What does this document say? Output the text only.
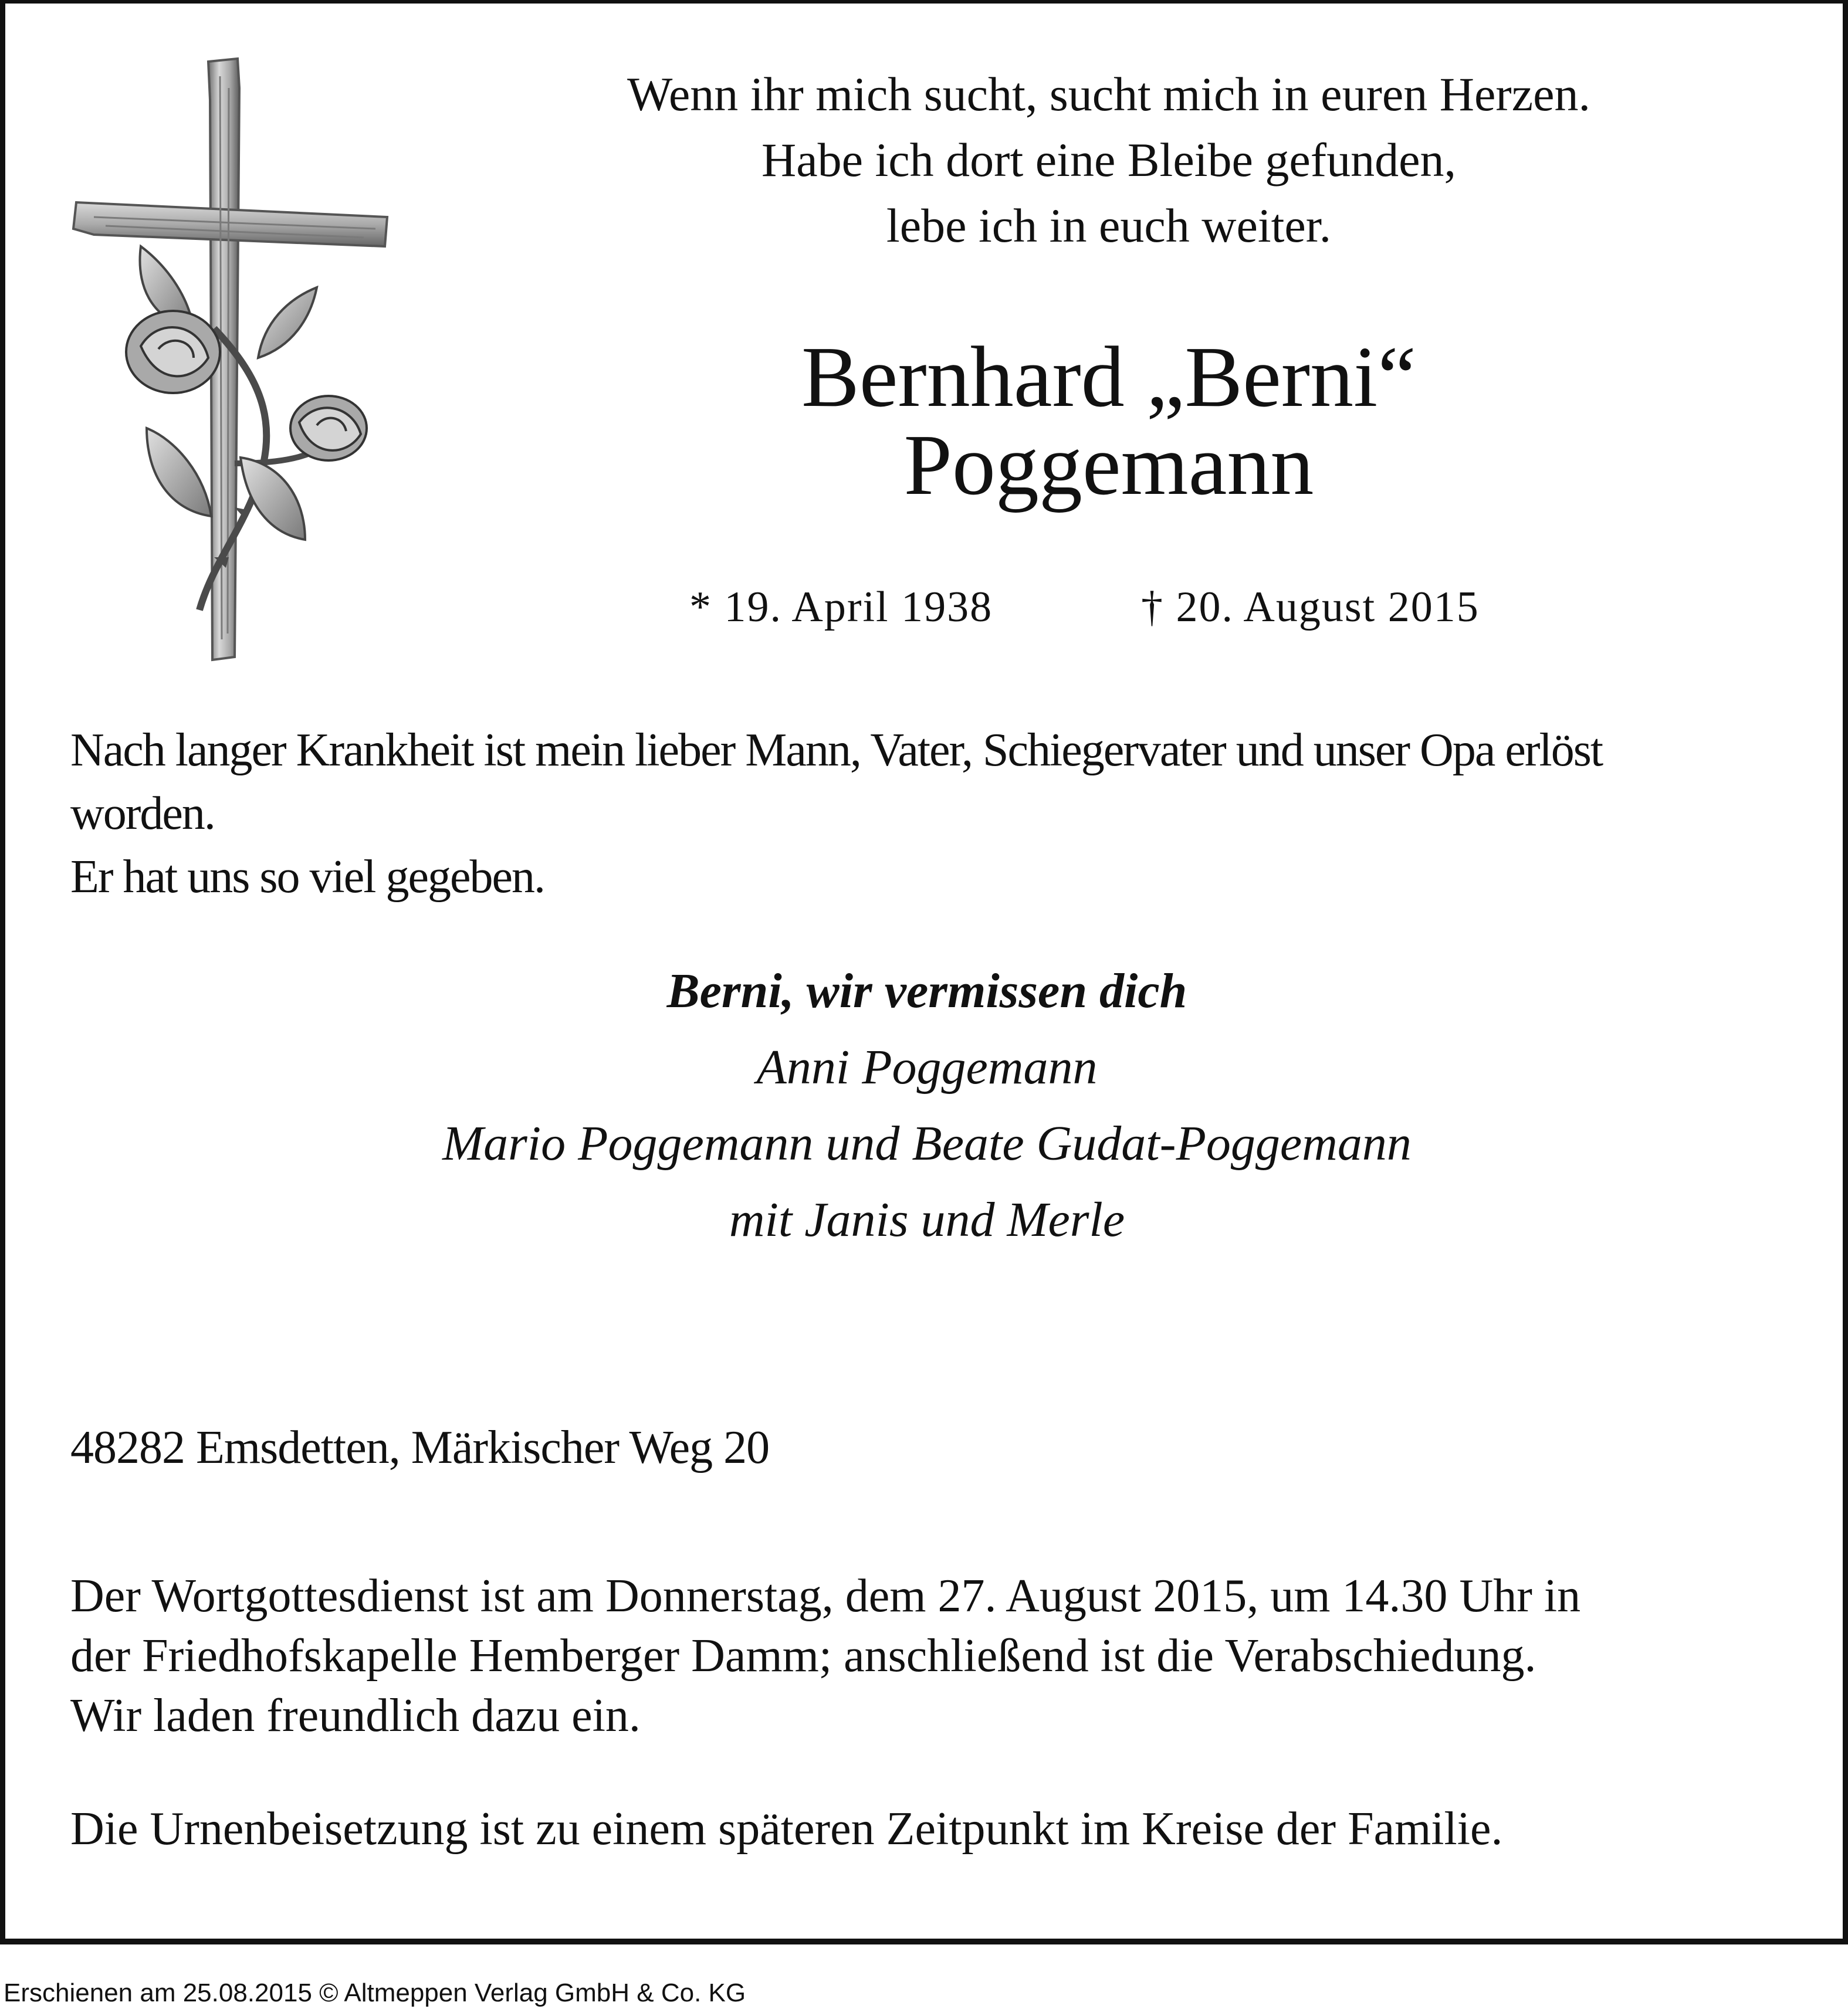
Wenn ihr mich sucht, sucht mich in euren Herzen.
Habe ich dort eine Bleibe gefunden,
lebe ich in euch weiter.
Bernhard „Berni“
Poggemann
* 19. April 1938	† 20. August 2015
Nach langer Krankheit ist mein lieber Mann, Vater, Schiegervater und unser Opa erlöst
worden.
Er hat uns so viel gegeben.
Berni, wir vermissen dich
Anni Poggemann
Mario Poggemann und Beate Gudat-Poggemann
mit Janis und Merle
48282 Emsdetten, Märkischer Weg 20
Der Wortgottesdienst ist am Donnerstag, dem 27. August 2015, um 14.30 Uhr in
der Friedhofskapelle Hemberger Damm; anschließend ist die Verabschiedung.
Wir laden freundlich dazu ein.
Die Urnenbeisetzung ist zu einem späteren Zeitpunkt im Kreise der Familie.
Erschienen am 25.08.2015 © Altmeppen Verlag GmbH & Co. KG
